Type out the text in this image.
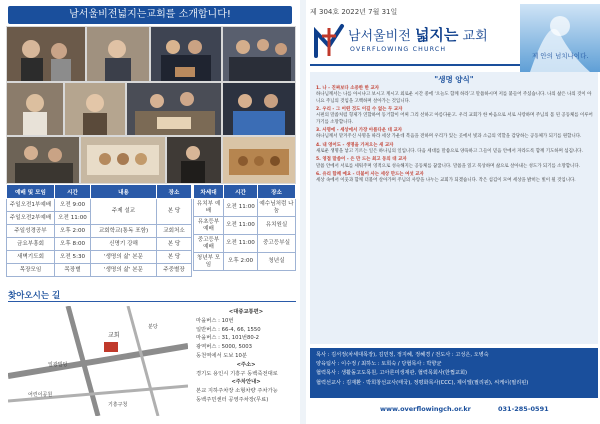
남서울비전넓지는교회를 소개합니다!
예배 및 모임	시간	내용	장소
주일오전1부예배	오전 9:00	주제 설교	본 당
주일오전2부예배	오전 11:00		
주일성경공부	오후 2:00	교회학교(통독 포함)	교회처소
금요부흥회	오후 8:00	신명기 강해	본 당
새벽기도회	오전 5:30	'생명의 삶' 본문	본 당
목장모임	목장별	'생명의 삶' 본문	주중별장
차세대	시간	장소
유치부 예배	오전 11:00	예수님처럼 나눔
유초등부 예배	오전 11:00	유치원실
중고등부 예배	오전 11:00	중고등부실
청년부 모임	오후 2:00	청년실
찾아오시는 길
교회
일광빌딩
분당
어린이공원
기흥구청
<대중교통편>
마을버스 : 10번
일반버스 : 66-4, 66, 1550
마을버스 : 31, 101번80-2
광역버스 : 5000, 5003
동천역에서 도보 10분
<주소>
경기도 용인시 기흥구 동백죽전대로
<주차안내>
본교 지하주차장 소형차량 주차가능
동백주민센터 공영주차장(무료)
제 304호 2022년 7월 31일
남서울비전 넓지는 교회
OVERFLOWING CHURCH
제 안의 넘치나이다.
"생명 양식"
1. 나 - 진짜보다 소중한 한 교자
하나님께서는 나를 아시냐고 보시고 계시고 외로운 시간 중에 ‘오늘도 함께 하라’고 말씀하시며 저를 붙들어 주셨습니다. 나의 삶은 나의 것이 아니요 주님의 것임을 고백하며 살아가는 것입니다.
2. 우리 - 그 어떤 것도 이길 수 없는 두 교자
시편의 말씀처럼 형제가 연합하여 동거함이 어찌 그리 선하고 아름다운고. 우리 교회가 한 마음으로 서로 사랑하며 주님의 몸 된 공동체를 이루어 가기를 소망합니다.
3. 사명에 - 세상에서 가장 아름다운 대 교자
하나님께서 맡겨주신 사명을 따라 세상 가운데 복음을 전하며 우리가 있는 곳에서 빛과 소금의 역할을 감당하는 공동체가 되기를 원합니다.
4. 내 영어도 - 생명을 가져오는 새 교자
새로운 생명을 낳고 기르는 일은 하나님의 일입니다. 다음 세대를 말씀으로 양육하고 그들이 믿음 안에서 자라도록 함께 기도하며 섬깁니다.
5. 영접 말씀어 - 은 만 드는 최고 동의 대 교자
말씀 안에서 서로를 세워주며 영적으로 성숙해지는 공동체를 꿈꿉니다. 말씀을 읽고 묵상하며 삶으로 살아내는 성도가 되기를 소망합니다.
6. 유리 함께 예요 - 더불어 사는 세상 만드는 여섯 교자
세상 속에서 이웃과 함께 더불어 살아가며 주님의 사랑을 나누는 교회가 되겠습니다. 작은 섬김이 모여 세상을 밝히는 빛이 될 것입니다.
목사 : 김서정(차세대목장), 김민정, 정지혜, 정혜경 / 전도사 : 고성은, 오병숙
양육팀사 : 이수정 / 최하노 : 토희숙 / 당협목사 : 박향균
협력목사 : 생활돌고도목원, 고아론미생재관, 협력목회사(한쩝교회)
협력선교사 : 김재환 · 박희창선교사(태국), 정평화목사(CCC), 제이엘(필리핀), 씨케이(필리핀)
www.overflowingch.or.kr	031-285-0591
